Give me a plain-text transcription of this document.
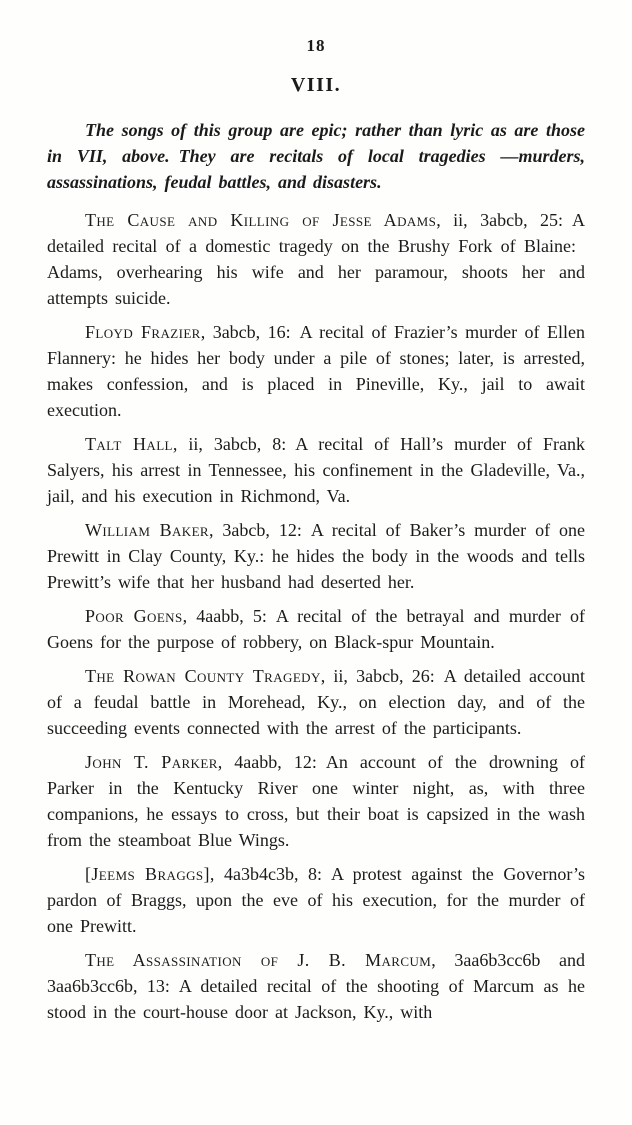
18
VIII.

The songs of this group are epic; rather than lyric as are those in VII, above. They are recitals of local tragedies —murders, assassinations, feudal battles, and disasters.

The Cause and Killing of Jesse Adams, ii, 3abcb, 25: A detailed recital of a domestic tragedy on the Brushy Fork of Blaine: Adams, overhearing his wife and her paramour, shoots her and attempts suicide.

Floyd Frazier, 3abcb, 16: A recital of Frazier’s murder of Ellen Flannery: he hides her body under a pile of stones; later, is arrested, makes confession, and is placed in Pineville, Ky., jail to await execution.

Talt Hall, ii, 3abcb, 8: A recital of Hall’s murder of Frank Salyers, his arrest in Tennessee, his confinement in the Gladeville, Va., jail, and his execution in Richmond, Va.

William Baker, 3abcb, 12: A recital of Baker’s murder of one Prewitt in Clay County, Ky.: he hides the body in the woods and tells Prewitt’s wife that her husband had deserted her.

Poor Goens, 4aabb, 5: A recital of the betrayal and murder of Goens for the purpose of robbery, on Black-spur Mountain.

The Rowan County Tragedy, ii, 3abcb, 26: A detailed account of a feudal battle in Morehead, Ky., on election day, and of the succeeding events connected with the arrest of the participants.

John T. Parker, 4aabb, 12: An account of the drowning of Parker in the Kentucky River one winter night, as, with three companions, he essays to cross, but their boat is capsized in the wash from the steamboat Blue Wings.

[Jeems Braggs], 4a3b4c3b, 8: A protest against the Governor’s pardon of Braggs, upon the eve of his execution, for the murder of one Prewitt.

The Assassination of J. B. Marcum, 3aa6b3cc6b and 3aa6b3cc6b, 13: A detailed recital of the shooting of Marcum as he stood in the court-house door at Jackson, Ky., with
